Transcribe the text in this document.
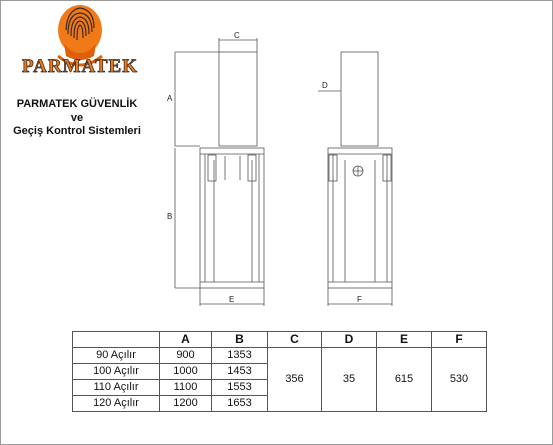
PARMATEK
PARMATEK GÜVENLİK
ve
Geçiş Kontrol Sistemleri
C
A
B
D
E	F
	A	B	C	D	E	F
90 Açılır	900	1353	356	35	615	530
100 Açılır	1000	1453				
110 Açılır	1100	1553				
120 Açılır	1200	1653				
